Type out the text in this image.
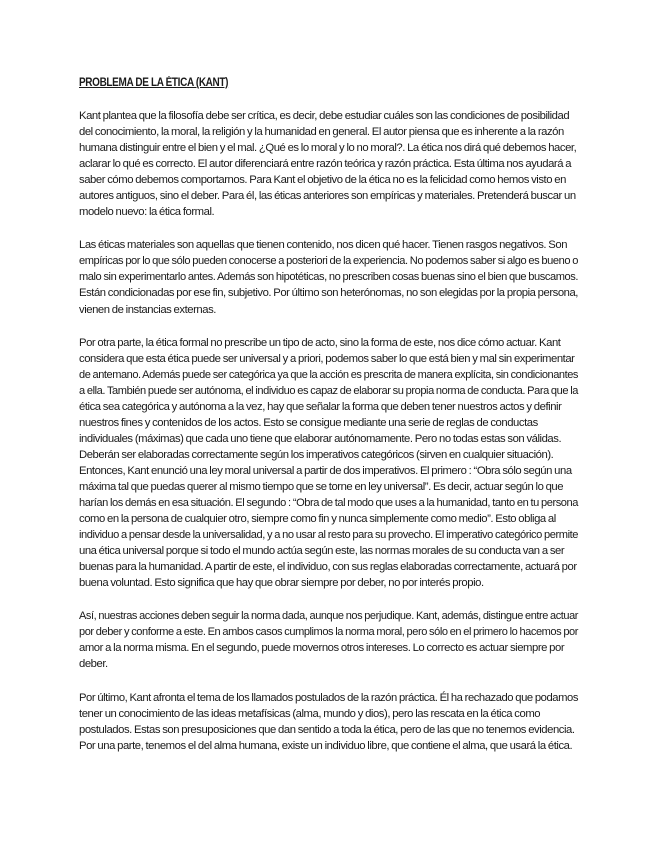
PROBLEMA DE LA ÉTICA (KANT)
Kant plantea que la filosofía debe ser crítica, es decir, debe estudiar cuáles son las condiciones de posibilidad
del conocimiento, la moral, la religión y la humanidad en general. El autor piensa que es inherente a la razón
humana distinguir entre el bien y el mal. ¿Qué es lo moral y lo no moral?. La ética nos dirá qué debemos hacer,
aclarar lo qué es correcto. El autor diferenciará entre razón teórica y razón práctica. Esta última nos ayudará a
saber cómo debemos comportarnos. Para Kant el objetivo de la ética no es la felicidad como hemos visto en
autores antiguos, sino el deber. Para él, las éticas anteriores son empíricas y materiales. Pretenderá buscar un
modelo nuevo: la ética formal.
Las éticas materiales son aquellas que tienen contenido, nos dicen qué hacer. Tienen rasgos negativos. Son
empíricas por lo que sólo pueden conocerse a posteriori de la experiencia. No podemos saber si algo es bueno o
malo sin experimentarlo antes. Además son hipotéticas, no prescriben cosas buenas sino el bien que buscamos.
Están condicionadas por ese fin, subjetivo. Por último son heterónomas, no son elegidas por la propia persona,
vienen de instancias externas.
Por otra parte, la ética formal no prescribe un tipo de acto, sino la forma de este, nos dice cómo actuar. Kant
considera que esta ética puede ser universal y a priori, podemos saber lo que está bien y mal sin experimentar
de antemano. Además puede ser categórica ya que la acción es prescrita de manera explícita, sin condicionantes
a ella. También puede ser autónoma, el individuo es capaz de elaborar su propia norma de conducta. Para que la
ética sea categórica y autónoma a la vez, hay que señalar la forma que deben tener nuestros actos y definir
nuestros fines y contenidos de los actos. Esto se consigue mediante una serie de reglas de conductas
individuales (máximas) que cada uno tiene que elaborar autónomamente. Pero no todas estas son válidas.
Deberán ser elaboradas correctamente según los imperativos categóricos (sirven en cualquier situación).
Entonces, Kant enunció una ley moral universal a partir de dos imperativos. El primero : “Obra sólo según una
máxima tal que puedas querer al mismo tiempo que se torne en ley universal”. Es decir, actuar según lo que
harían los demás en esa situación. El segundo : “Obra de tal modo que uses a la humanidad, tanto en tu persona
como en la persona de cualquier otro, siempre como fin y nunca simplemente como medio”. Esto obliga al
individuo a pensar desde la universalidad, y a no usar al resto para su provecho. El imperativo categórico permite
una ética universal porque si todo el mundo actúa según este, las normas morales de su conducta van a ser
buenas para la humanidad. A partir de este, el individuo, con sus reglas elaboradas correctamente, actuará por
buena voluntad. Esto significa que hay que obrar siempre por deber, no por interés propio.
Así, nuestras acciones deben seguir la norma dada, aunque nos perjudique. Kant, además, distingue entre actuar
por deber y conforme a este. En ambos casos cumplimos la norma moral, pero sólo en el primero lo hacemos por
amor a la norma misma. En el segundo, puede movernos otros intereses. Lo correcto es actuar siempre por
deber.
Por último, Kant afronta el tema de los llamados postulados de la razón práctica. Él ha rechazado que podamos
tener un conocimiento de las ideas metafísicas (alma, mundo y dios), pero las rescata en la ética como
postulados. Estas son presuposiciones que dan sentido a toda la ética, pero de las que no tenemos evidencia.
Por una parte, tenemos el del alma humana, existe un individuo libre, que contiene el alma, que usará la ética.
